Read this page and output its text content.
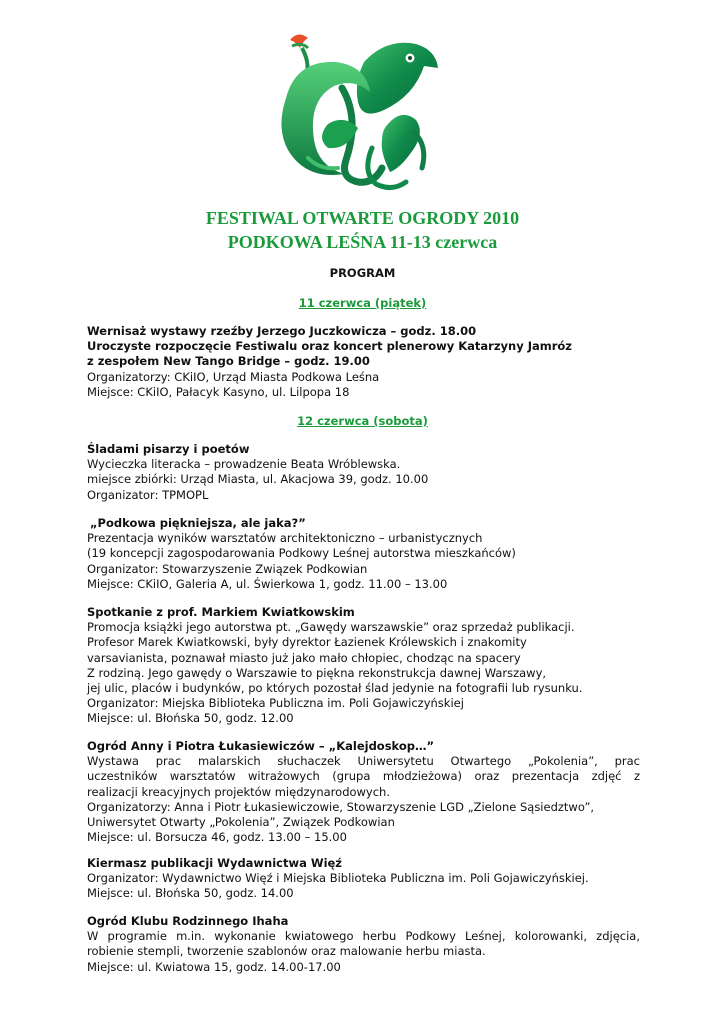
FESTIWAL OTWARTE OGRODY 2010
PODKOWA LEŚNA 11-13 czerwca
PROGRAM
11 czerwca (piątek)
Wernisaż wystawy rzeźby Jerzego Juczkowicza – godz. 18.00
Uroczyste rozpoczęcie Festiwalu oraz koncert plenerowy Katarzyny Jamróz
z zespołem New Tango Bridge – godz. 19.00
Organizatorzy: CKiIO, Urząd Miasta Podkowa Leśna
Miejsce: CKiIO, Pałacyk Kasyno, ul. Lilpopa 18
12 czerwca (sobota)
Śladami pisarzy i poetów
Wycieczka literacka – prowadzenie Beata Wróblewska.
miejsce zbiórki: Urząd Miasta, ul. Akacjowa 39, godz. 10.00
Organizator: TPMOPL
„Podkowa piękniejsza, ale jaka?”
Prezentacja wyników warsztatów architektoniczno – urbanistycznych
(19 koncepcji zagospodarowania Podkowy Leśnej autorstwa mieszkańców)
Organizator: Stowarzyszenie Związek Podkowian
Miejsce: CKiIO, Galeria A, ul. Świerkowa 1, godz. 11.00 – 13.00
Spotkanie z prof. Markiem Kwiatkowskim
Promocja książki jego autorstwa pt. „Gawędy warszawskie” oraz sprzedaż publikacji.
Profesor Marek Kwiatkowski, były dyrektor Łazienek Królewskich i znakomity
varsavianista, poznawał miasto już jako mało chłopiec, chodząc na spacery
Z rodziną. Jego gawędy o Warszawie to piękna rekonstrukcja dawnej Warszawy,
jej ulic, placów i budynków, po których pozostał ślad jedynie na fotografii lub rysunku.
Organizator: Miejska Biblioteka Publiczna im. Poli Gojawiczyńskiej
Miejsce: ul. Błońska 50, godz. 12.00
Ogród Anny i Piotra Łukasiewiczów – „Kalejdoskop…”
Wystawa prac malarskich słuchaczek Uniwersytetu Otwartego „Pokolenia”, prac
uczestników warsztatów witrażowych (grupa młodzieżowa) oraz prezentacja zdjęć z
realizacji kreacyjnych projektów międzynarodowych.
Organizatorzy: Anna i Piotr Łukasiewiczowie, Stowarzyszenie LGD „Zielone Sąsiedztwo”,
Uniwersytet Otwarty „Pokolenia”, Związek Podkowian
Miejsce: ul. Borsucza 46, godz. 13.00 – 15.00
Kiermasz publikacji Wydawnictwa Więź
Organizator: Wydawnictwo Więź i Miejska Biblioteka Publiczna im. Poli Gojawiczyńskiej.
Miejsce: ul. Błońska 50, godz. 14.00
Ogród Klubu Rodzinnego Ihaha
W programie m.in. wykonanie kwiatowego herbu Podkowy Leśnej, kolorowanki, zdjęcia,
robienie stempli, tworzenie szablonów oraz malowanie herbu miasta.
Miejsce: ul. Kwiatowa 15, godz. 14.00-17.00
